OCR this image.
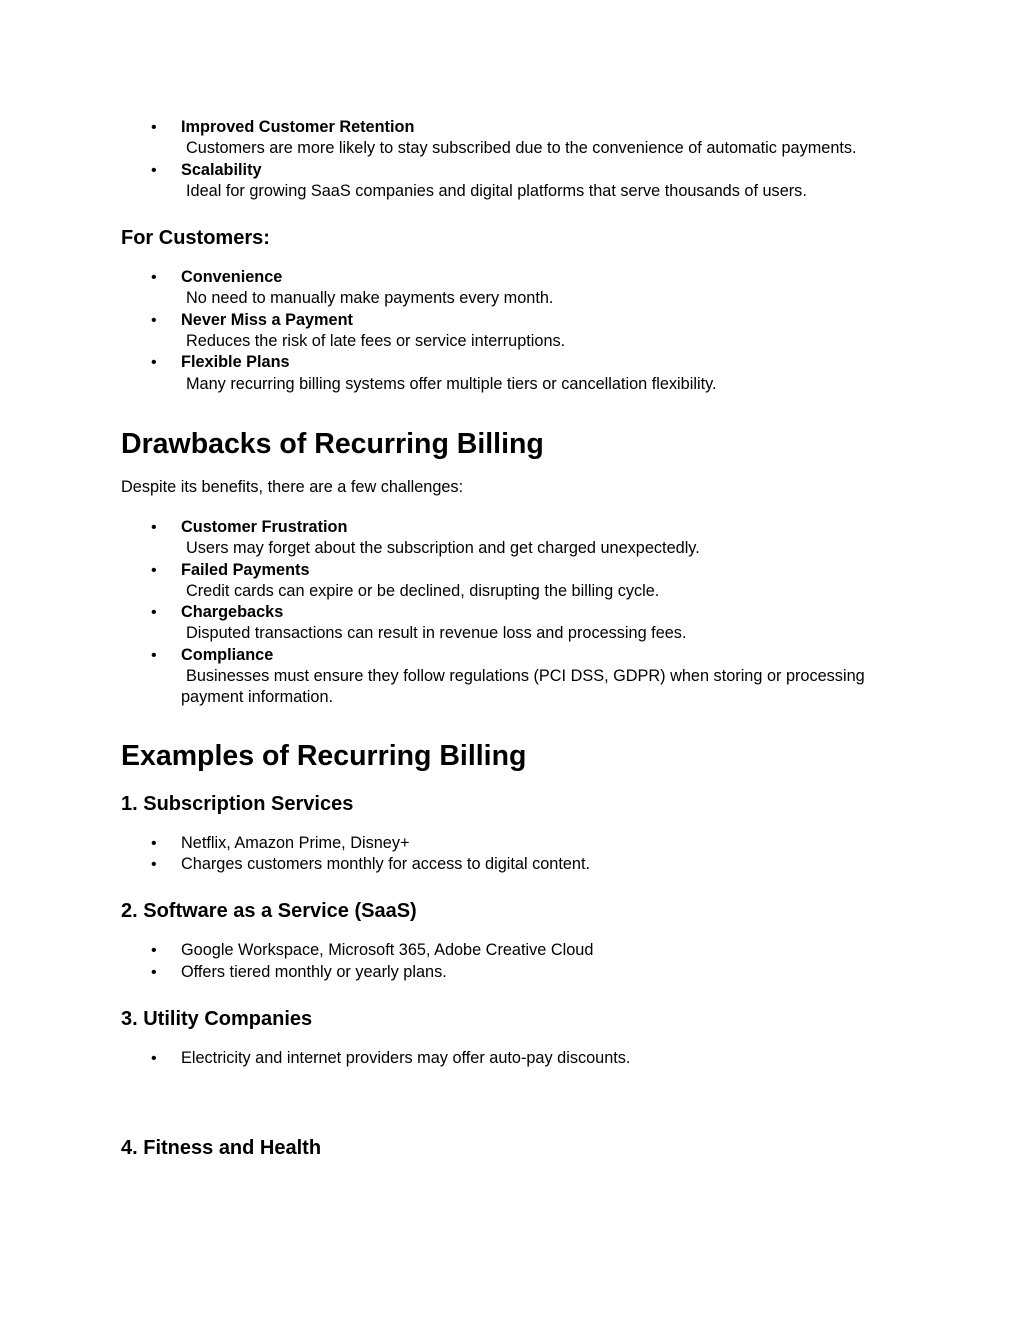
• Improved Customer Retention
Customers are more likely to stay subscribed due to the convenience of automatic payments.
• Scalability
Ideal for growing SaaS companies and digital platforms that serve thousands of users.
For Customers:
• Convenience
No need to manually make payments every month.
• Never Miss a Payment
Reduces the risk of late fees or service interruptions.
• Flexible Plans
Many recurring billing systems offer multiple tiers or cancellation flexibility.
Drawbacks of Recurring Billing

Despite its benefits, there are a few challenges:

• Customer Frustration
Users may forget about the subscription and get charged unexpectedly.
• Failed Payments
Credit cards can expire or be declined, disrupting the billing cycle.
• Chargebacks
Disputed transactions can result in revenue loss and processing fees.
• Compliance
Businesses must ensure they follow regulations (PCI DSS, GDPR) when storing or processing payment information.
Examples of Recurring Billing
1. Subscription Services
• Netflix, Amazon Prime, Disney+
• Charges customers monthly for access to digital content.
2. Software as a Service (SaaS)
• Google Workspace, Microsoft 365, Adobe Creative Cloud
• Offers tiered monthly or yearly plans.
3. Utility Companies
• Electricity and internet providers may offer auto-pay discounts.
4. Fitness and Health
